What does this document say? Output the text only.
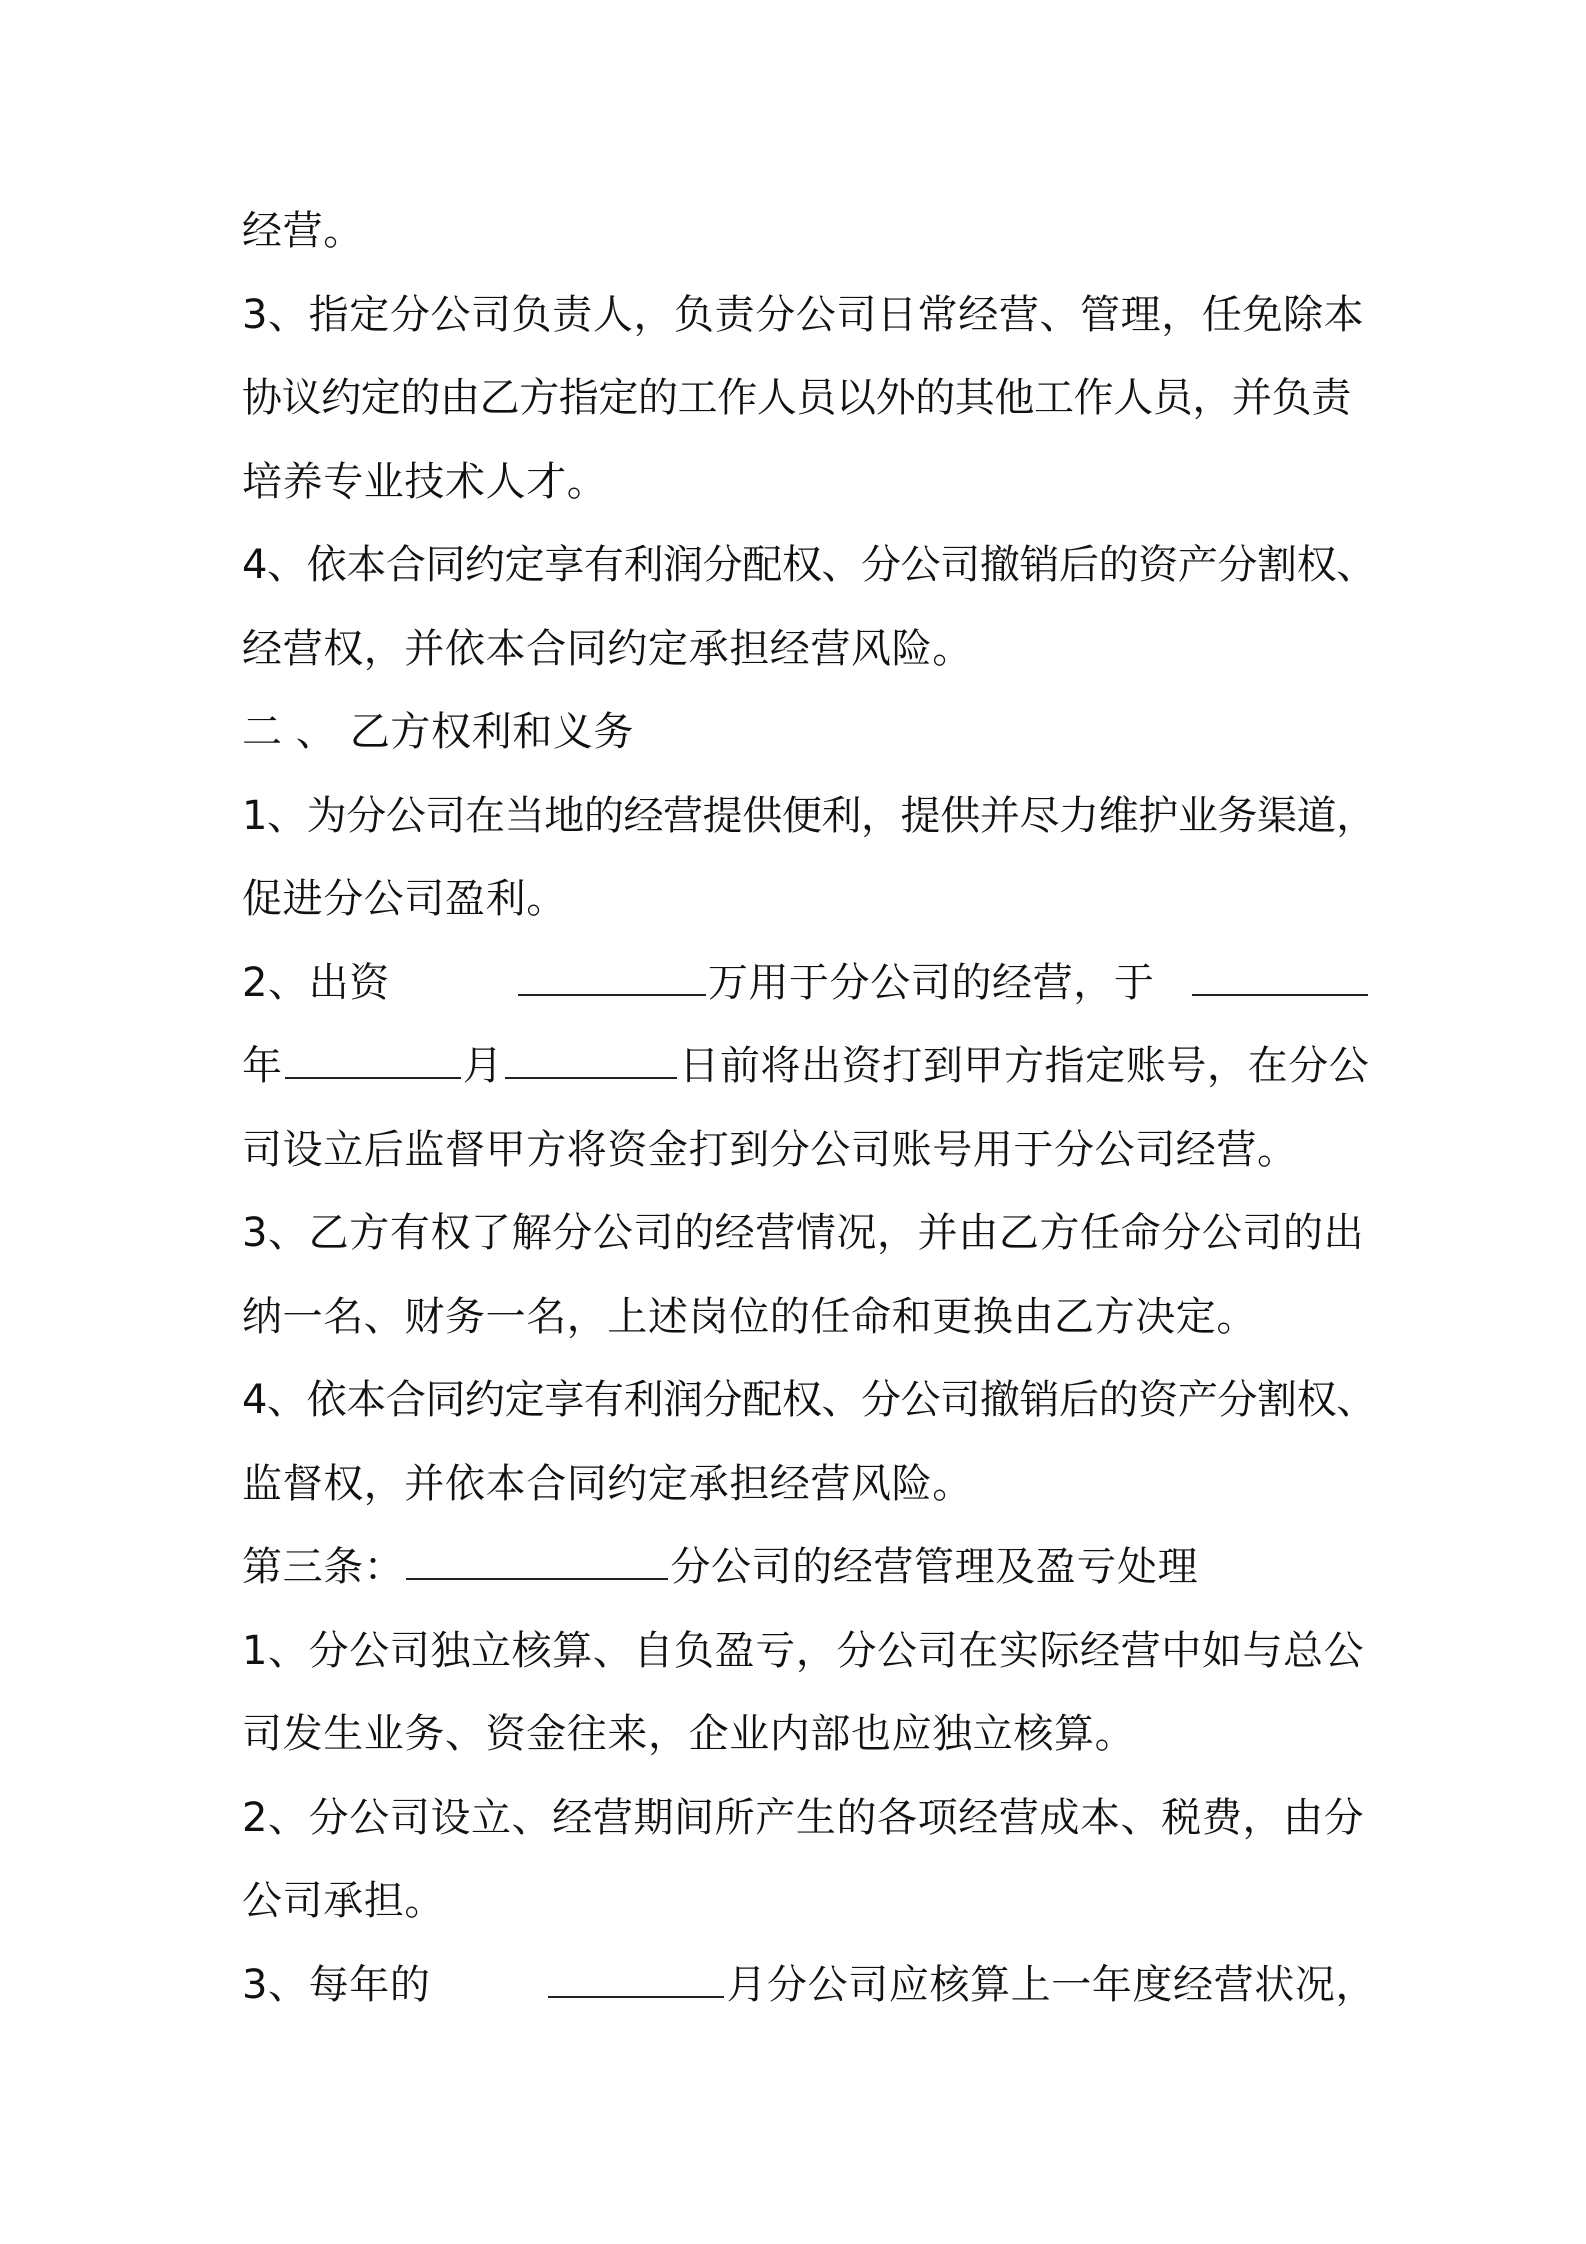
经营。
3、指定分公司负责人，负责分公司日常经营、管理，任免除本
协议约定的由乙方指定的工作人员以外的其他工作人员，并负责
培养专业技术人才。
4、依本合同约定享有利润分配权、分公司撤销后的资产分割权、
经营权，并依本合同约定承担经营风险。
二 、 乙方权利和义务
1、为分公司在当地的经营提供便利，提供并尽力维护业务渠道，
促进分公司盈利。
2、出资	万用于分公司的经营，于
年	月	日前将出资打到甲方指定账号，在分公
司设立后监督甲方将资金打到分公司账号用于分公司经营。
3、乙方有权了解分公司的经营情况，并由乙方任命分公司的出
纳一名、财务一名，上述岗位的任命和更换由乙方决定。
4、依本合同约定享有利润分配权、分公司撤销后的资产分割权、
监督权，并依本合同约定承担经营风险。
第三条：	分公司的经营管理及盈亏处理
1、分公司独立核算、自负盈亏，分公司在实际经营中如与总公
司发生业务、资金往来，企业内部也应独立核算。
2、分公司设立、经营期间所产生的各项经营成本、税费，由分
公司承担。
3、每年的	月分公司应核算上一年度经营状况，
